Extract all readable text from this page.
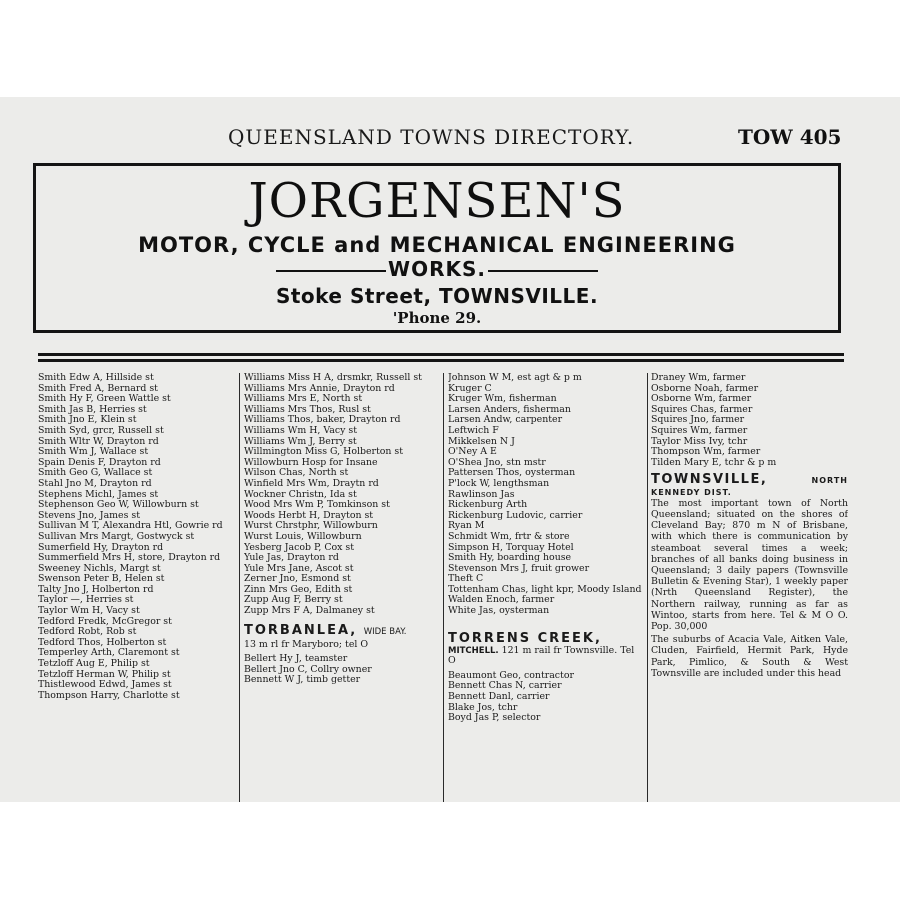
QUEENSLAND TOWNS DIRECTORY.	TOW 405
JORGENSEN'S
MOTOR, CYCLE and MECHANICAL ENGINEERING
WORKS.
Stoke Street, TOWNSVILLE.
'Phone 29.
Smith Edw A, Hillside st
Smith Fred A, Bernard st
Smith Hy F, Green Wattle st
Smith Jas B, Herries st
Smith Jno E, Klein st
Smith Syd, grcr, Russell st
Smith Wltr W, Drayton rd
Smith Wm J, Wallace st
Spain Denis F, Drayton rd
Smith Geo G, Wallace st
Stahl Jno M, Drayton rd
Stephens Michl, James st
Stephenson Geo W, Willowburn st
Stevens Jno, James st
Sullivan M T, Alexandra Htl, Gowrie rd
Sullivan Mrs Margt, Gostwyck st
Sumerfield Hy, Drayton rd
Summerfield Mrs H, store, Drayton rd
Sweeney Nichls, Margt st
Swenson Peter B, Helen st
Talty Jno J, Holberton rd
Taylor —, Herries st
Taylor Wm H, Vacy st
Tedford Fredk, McGregor st
Tedford Robt, Rob st
Tedford Thos, Holberton st
Temperley Arth, Claremont st
Tetzloff Aug E, Philip st
Tetzloff Herman W, Philip st
Thistlewood Edwd, James st
Thompson Harry, Charlotte st
Williams Miss H A, drsmkr, Russell st
Williams Mrs Annie, Drayton rd
Williams Mrs E, North st
Williams Mrs Thos, Rusl st
Williams Thos, baker, Drayton rd
Williams Wm H, Vacy st
Williams Wm J, Berry st
Willmington Miss G, Holberton st
Willowburn Hosp for Insane
Wilson Chas, North st
Winfield Mrs Wm, Draytn rd
Wockner Christn, Ida st
Wood Mrs Wm P, Tomkinson st
Woods Herbt H, Drayton st
Wurst Chrstphr, Willowburn
Wurst Louis, Willowburn
Yesberg Jacob P, Cox st
Yule Jas, Drayton rd
Yule Mrs Jane, Ascot st
Zerner Jno, Esmond st
Zinn Mrs Geo, Edith st
Zupp Aug F, Berry st
Zupp Mrs F A, Dalmaney st
TORBANLEA, WIDE BAY.
13 m rl fr Maryboro; tel O
Bellert Hy J, teamster
Bellert Jno C, Collry owner
Bennett W J, timb getter
Johnson W M, est agt & p m
Kruger C
Kruger Wm, fisherman
Larsen Anders, fisherman
Larsen Andw, carpenter
Leftwich F
Mikkelsen N J
O'Ney A E
O'Shea Jno, stn mstr
Pattersen Thos, oysterman
P'lock W, lengthsman
Rawlinson Jas
Rickenburg Arth
Rickenburg Ludovic, carrier
Ryan M
Schmidt Wm, frtr & store
Simpson H, Torquay Hotel
Smith Hy, boarding house
Stevenson Mrs J, fruit grower
Theft C
Tottenham Chas, light kpr, Moody Island
Walden Enoch, farmer
White Jas, oysterman
TORRENS CREEK,
MITCHELL. 121 m rail fr Townsville. Tel O
Beaumont Geo, contractor
Bennett Chas N, carrier
Bennett Danl, carrier
Blake Jos, tchr
Boyd Jas P, selector
Draney Wm, farmer
Osborne Noah, farmer
Osborne Wm, farmer
Squires Chas, farmer
Squires Jno, farmer
Squires Wm, farmer
Taylor Miss Ivy, tchr
Thompson Wm, farmer
Tilden Mary E, tchr & p m
TOWNSVILLE,	NORTH KENNEDY DIST.
The most important town of North Queensland; situated on the shores of Cleveland Bay; 870 m N of Brisbane, with which there is communication by steamboat several times a week; branches of all banks doing business in Queensland; 3 daily papers (Townsville Bulletin & Evening Star), 1 weekly paper (Nrth Queensland Register), the Northern railway, running as far as Wintoo, starts from here. Tel & M O O. Pop. 30,000
The suburbs of Acacia Vale, Aitken Vale, Cluden, Fairfield, Hermit Park, Hyde Park, Pimlico, & South & West Townsville are included under this head
